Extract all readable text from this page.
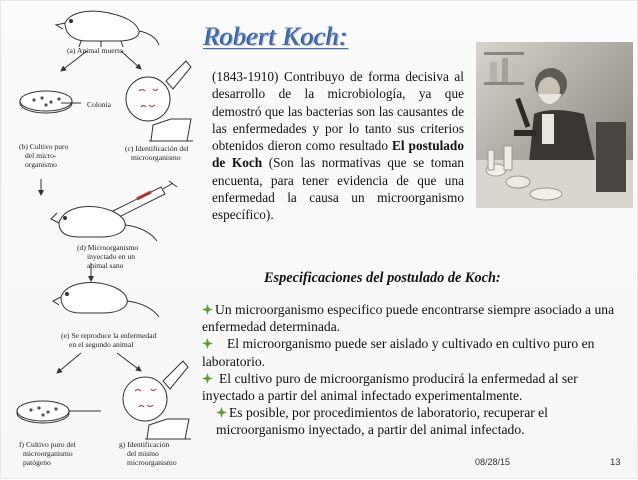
(a) Animal muerto
Colonia
(b) Cultivo puro
del micro-
organismo
(c) Identificación del
microorganismo
(d) Microorganismo
inyectado en un
animal sano
(e) Se reproduce la enfermedad
en el segundo animal
f) Cultivo puro del
microorganismo
patógeno
g) Identificación
del mismo
microorganismo
Robert Koch:

(1843-1910) Contribuyo de forma decisiva al desarrollo de la microbiología, ya que demostró que las bacterias son las causantes de las enfermedades y por lo tanto sus criterios obtenidos dieron como resultado El postulado de Koch (Son las normativas que se toman encuenta, para tener evidencia de que una enfermedad la causa un microorganismo específico).

Especificaciones del postulado de Koch:

Un microorganismo especifico puede encontrarse siempre asociado a una enfermedad determinada.
El microorganismo puede ser aislado y cultivado en cultivo puro en laboratorio.
El cultivo puro de microorganismo producirá la enfermedad al ser inyectado a partir del animal infectado experimentalmente.
Es posible, por procedimientos de laboratorio, recuperar el microorganismo inyectado, a partir del animal infectado.
08/28/15	13
